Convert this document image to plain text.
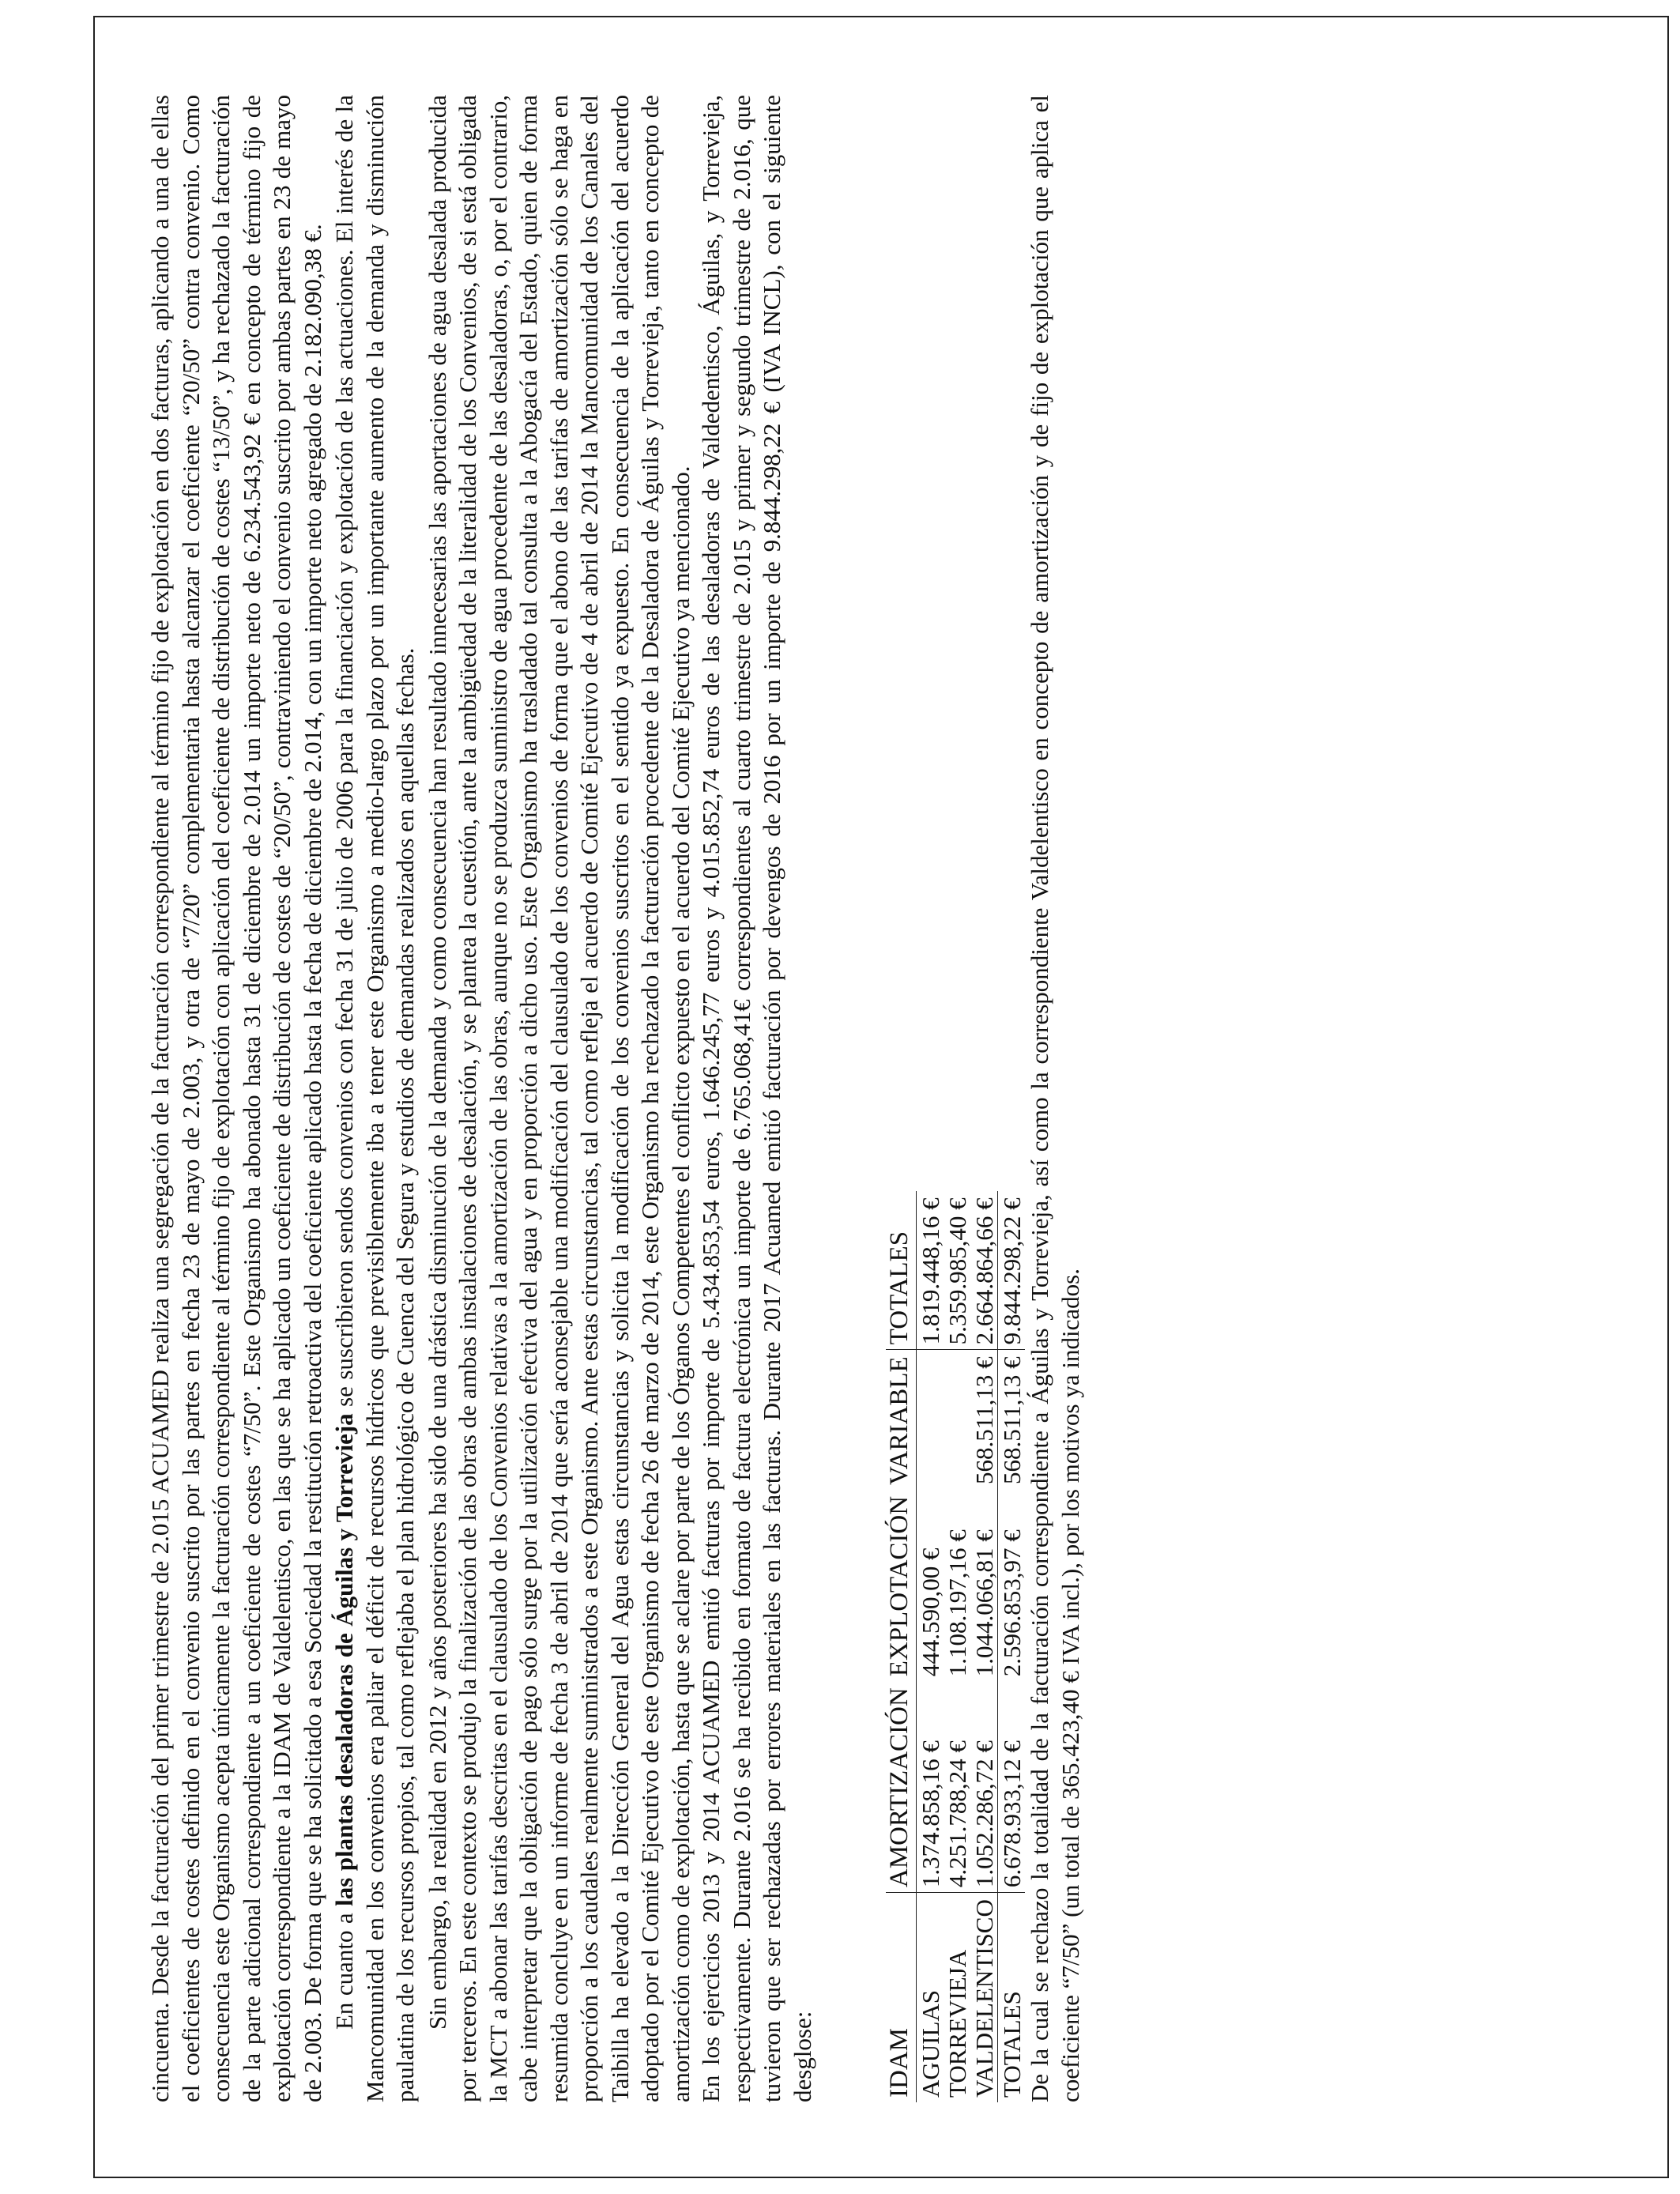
cincuenta. Desde la facturación del primer trimestre de 2.015 ACUAMED realiza una segregación de la facturación correspondiente al término fijo de explotación en dos facturas, aplicando a una de ellas el coeficientes de costes definido en el convenio suscrito por las partes en fecha 23 de mayo de 2.003, y otra de “7/20” complementaria hasta alcanzar el coeficiente “20/50” contra convenio. Como consecuencia este Organismo acepta únicamente la facturación correspondiente al término fijo de explotación con aplicación del coeficiente de distribución de costes “13/50”, y ha rechazado la facturación de la parte adicional correspondiente a un coeficiente de costes “7/50”. Este Organismo ha abonado hasta 31 de diciembre de 2.014 un importe neto de 6.234.543,92 € en concepto de término fijo de explotación correspondiente a la IDAM de Valdelentisco, en las que se ha aplicado un coeficiente de distribución de costes de “20/50”, contraviniendo el convenio suscrito por ambas partes en 23 de mayo de 2.003. De forma que se ha solicitado a esa Sociedad la restitución retroactiva del coeficiente aplicado hasta la fecha de diciembre de 2.014, con un importe neto agregado de 2.182.090,38 €. En cuanto a las plantas desaladoras de Águilas y Torrevieja se suscribieron sendos convenios con fecha 31 de julio de 2006 para la financiación y explotación de las actuaciones. El interés de la Mancomunidad en los convenios era paliar el déficit de recursos hídricos que previsiblemente iba a tener este Organismo a medio-largo plazo por un importante aumento de la demanda y disminución paulatina de los recursos propios, tal como reflejaba el plan hidrológico de Cuenca del Segura y estudios de demandas realizados en aquellas fechas. Sin embargo, la realidad en 2012 y años posteriores ha sido de una drástica disminución de la demanda y como consecuencia han resultado innecesarias las aportaciones de agua desalada producida por terceros. En este contexto se produjo la finalización de las obras de ambas instalaciones de desalación, y se plantea la cuestión, ante la ambigüedad de la literalidad de los Convenios, de si está obligada la MCT a abonar las tarifas descritas en el clausulado de los Convenios relativas a la amortización de las obras, aunque no se produzca suministro de agua procedente de las desaladoras, o, por el contrario, cabe interpretar que la obligación de pago sólo surge por la utilización efectiva del agua y en proporción a dicho uso. Este Organismo ha trasladado tal consulta a la Abogacía del Estado, quien de forma resumida concluye en un informe de fecha 3 de abril de 2014 que sería aconsejable una modificación del clausulado de los convenios de forma que el abono de las tarifas de amortización sólo se haga en proporción a los caudales realmente suministrados a este Organismo. Ante estas circunstancias, tal como refleja el acuerdo de Comité Ejecutivo de 4 de abril de 2014 la Mancomunidad de los Canales del Taibilla ha elevado a la Dirección General del Agua estas circunstancias y solicita la modificación de los convenios suscritos en el sentido ya expuesto. En consecuencia de la aplicación del acuerdo adoptado por el Comité Ejecutivo de este Organismo de fecha 26 de marzo de 2014, este Organismo ha rechazado la facturación procedente de la Desaladora de Águilas y Torrevieja, tanto en concepto de amortización como de explotación, hasta que se aclare por parte de los Órganos Competentes el conflicto expuesto en el acuerdo del Comité Ejecutivo ya mencionado. En los ejercicios 2013 y 2014 ACUAMED emitió facturas por importe de 5.434.853,54 euros, 1.646.245,77 euros y 4.015.852,74 euros de las desaladoras de Valdedentisco, Águilas, y Torrevieja, respectivamente. Durante 2.016 se ha recibido en formato de factura electrónica un importe de 6.765.068,41€ correspondientes al cuarto trimestre de 2.015 y primer y segundo trimestre de 2.016, que tuvieron que ser rechazadas por errores materiales en las facturas. Durante 2017 Acuamed emitió facturación por devengos de 2016 por un importe de 9.844.298,22 € (IVA INCL), con el siguiente desglose:	IDAM	AMORTIZACIÓN	EXPLOTACIÓN	VARIABLE	TOTALES
AGUILAS	1.374.858,16 €	444.590,00 €		1.819.448,16 €
TORREVIEJA	4.251.788,24 €	1.108.197,16 €		5.359.985,40 €
VALDELENTISCO	1.052.286,72 €	1.044.066,81 €	568.511,13 €	2.664.864,66 €
TOTALES	6.678.933,12 €	2.596.853,97 €	568.511,13 €	9.844.298,22 € De la cual se rechazo la totalidad de la facturación correspondiente a Águilas y Torrevieja, así como la correspondiente Valdelentisco en concepto de amortización y de fijo de explotación que aplica el coeficiente “7/50” (un total de 365.423,40 € IVA incl.), por los motivos ya indicados.
